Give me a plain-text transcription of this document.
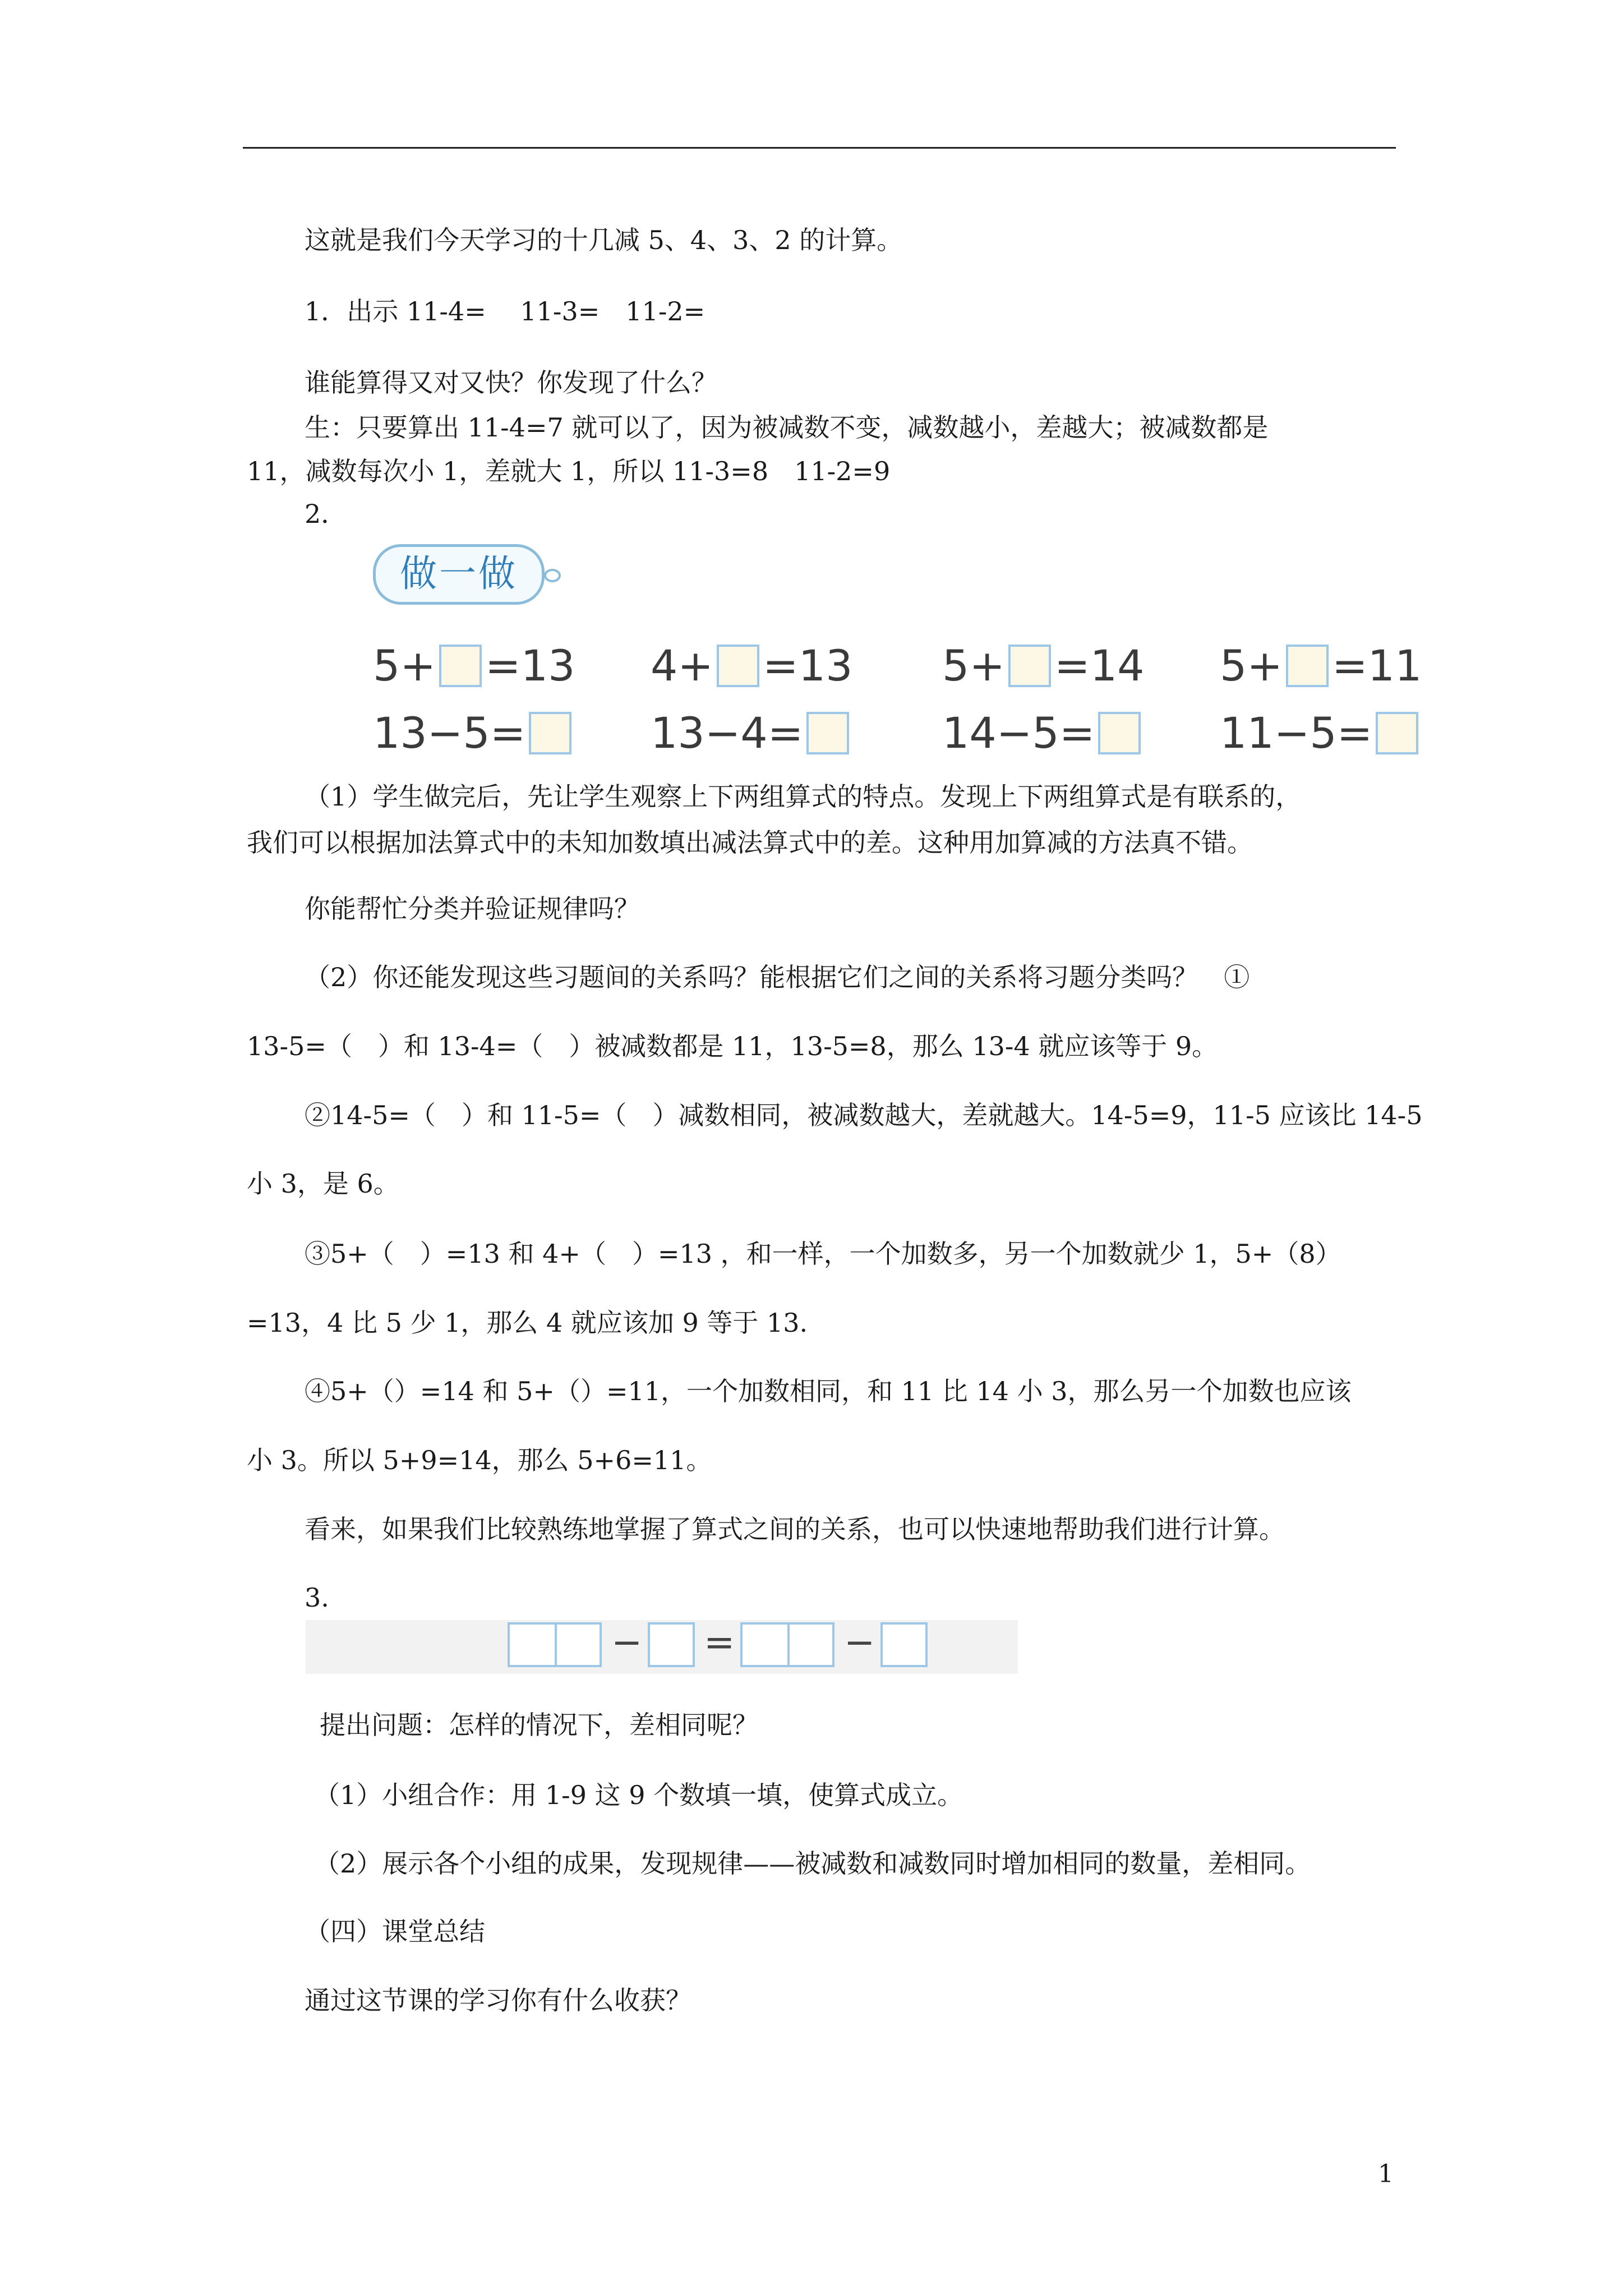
这就是我们今天学习的十几减 5、4、3、2 的计算。
1．出示 11-4=　 11-3=　11-2=
谁能算得又对又快？你发现了什么？
生：只要算出 11-4=7 就可以了，因为被减数不变，减数越小，差越大；被减数都是
11，减数每次小 1，差就大 1，所以 11-3=8　11-2=9
2．
做一做
5+ =13 4+ =13 5+ =14 5+ =11
13−5=	13−4=	14−5=	11−5=
（1）学生做完后，先让学生观察上下两组算式的特点。发现上下两组算式是有联系的，
我们可以根据加法算式中的未知加数填出减法算式中的差。这种用加算减的方法真不错。
你能帮忙分类并验证规律吗？
（2）你还能发现这些习题间的关系吗？能根据它们之间的关系将习题分类吗？　①
13-5=（　）和 13-4=（　）被减数都是 11，13-5=8，那么 13-4 就应该等于 9。
②14-5=（　）和 11-5=（　）减数相同，被减数越大，差就越大。14-5=9，11-5 应该比 14-5
小 3，是 6。
③5+（　）=13 和 4+（　）=13 ，和一样，一个加数多，另一个加数就少 1，5+（8）
=13，4 比 5 少 1，那么 4 就应该加 9 等于 13.
④5+（）=14 和 5+（）=11，一个加数相同，和 11 比 14 小 3，那么另一个加数也应该
小 3。所以 5+9=14，那么 5+6=11。
看来，如果我们比较熟练地掌握了算式之间的关系，也可以快速地帮助我们进行计算。
3.
− =	−
提出问题：怎样的情况下，差相同呢？
（1）小组合作：用 1-9 这 9 个数填一填，使算式成立。
（2）展示各个小组的成果，发现规律——被减数和减数同时增加相同的数量，差相同。
（四）课堂总结
通过这节课的学习你有什么收获？
1
